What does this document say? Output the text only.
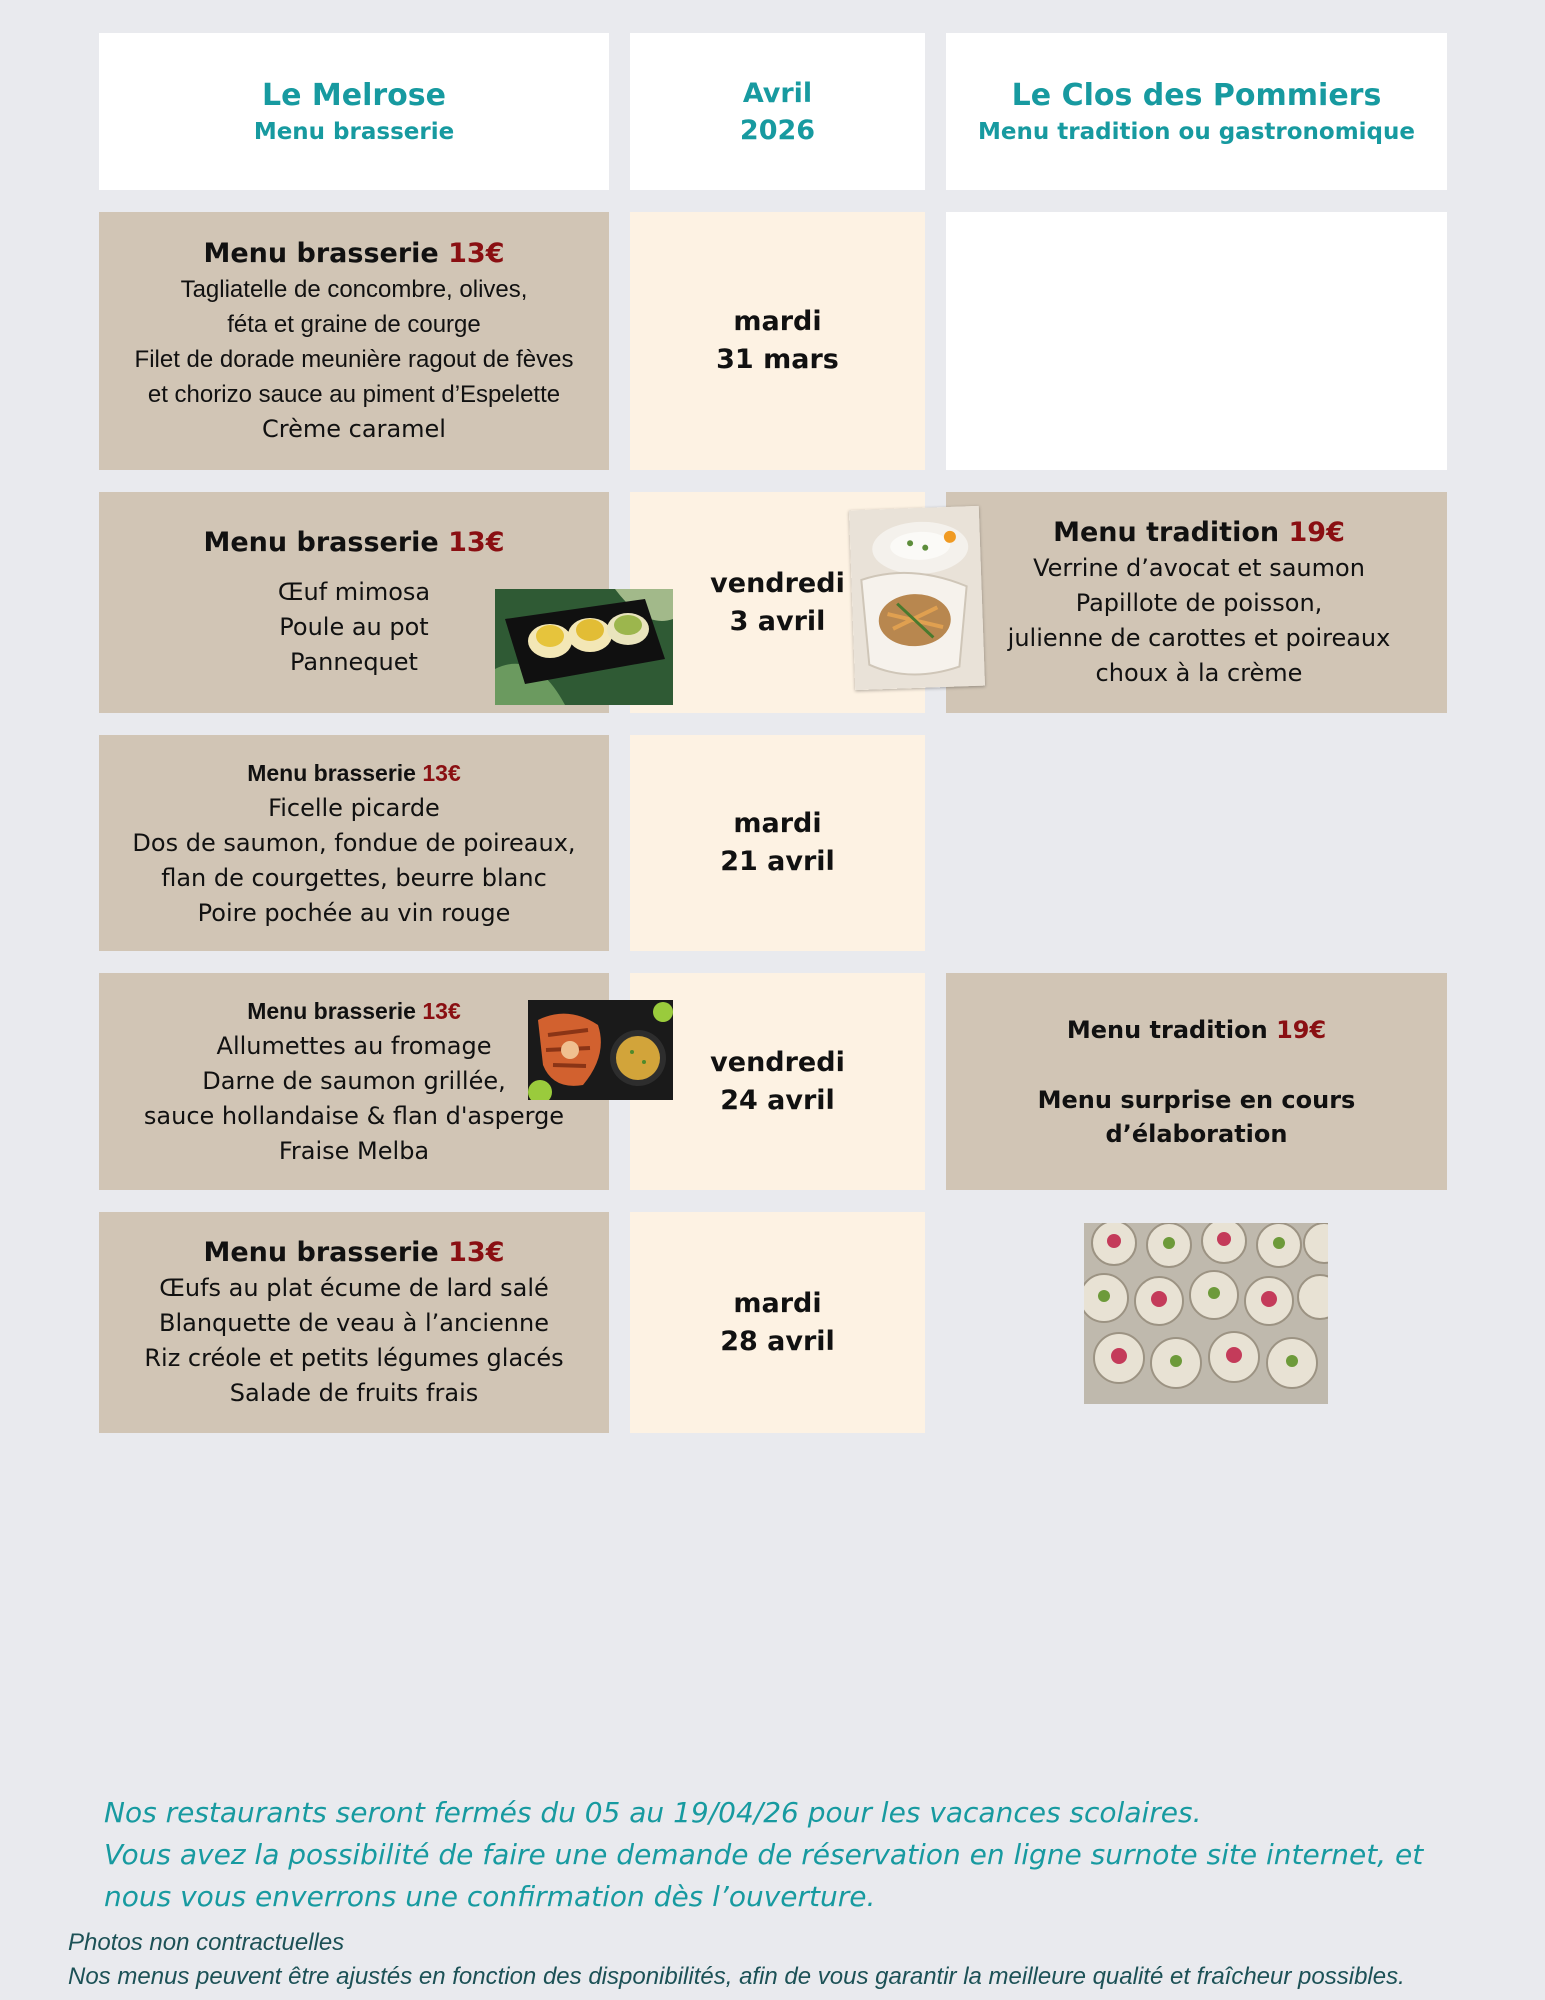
Le Melrose
Menu brasserie
Avril
2026
Le Clos des Pommiers
Menu tradition ou gastronomique
Menu brasserie 13€
Tagliatelle de concombre, olives,
féta et graine de courge
Filet de dorade meunière ragout de fèves
et chorizo sauce au piment d’Espelette
Crème caramel
mardi
31 mars
Menu brasserie 13€
Œuf mimosa
Poule au pot
Pannequet
vendredi
3 avril
Menu tradition 19€
Verrine d’avocat et saumon
Papillote de poisson,
julienne de carottes et poireaux
choux à la crème
Menu brasserie 13€
Ficelle picarde
Dos de saumon, fondue de poireaux,
flan de courgettes, beurre blanc
Poire pochée au vin rouge
mardi
21 avril
Menu brasserie 13€
Allumettes au fromage
Darne de saumon grillée,
sauce hollandaise & flan d'asperge
Fraise Melba
vendredi
24 avril
Menu tradition 19€
Menu surprise en cours d’élaboration
Menu brasserie 13€
Œufs au plat écume de lard salé
Blanquette de veau à l’ancienne
Riz créole et petits légumes glacés
Salade de fruits frais
mardi
28 avril
Nos restaurants seront fermés du 05 au 19/04/26 pour les vacances scolaires.
Vous avez la possibilité de faire une demande de réservation en ligne surnote site internet, et
nous vous enverrons une confirmation dès l’ouverture.
Photos non contractuelles
Nos menus peuvent être ajustés en fonction des disponibilités, afin de vous garantir la meilleure qualité et fraîcheur possibles.
